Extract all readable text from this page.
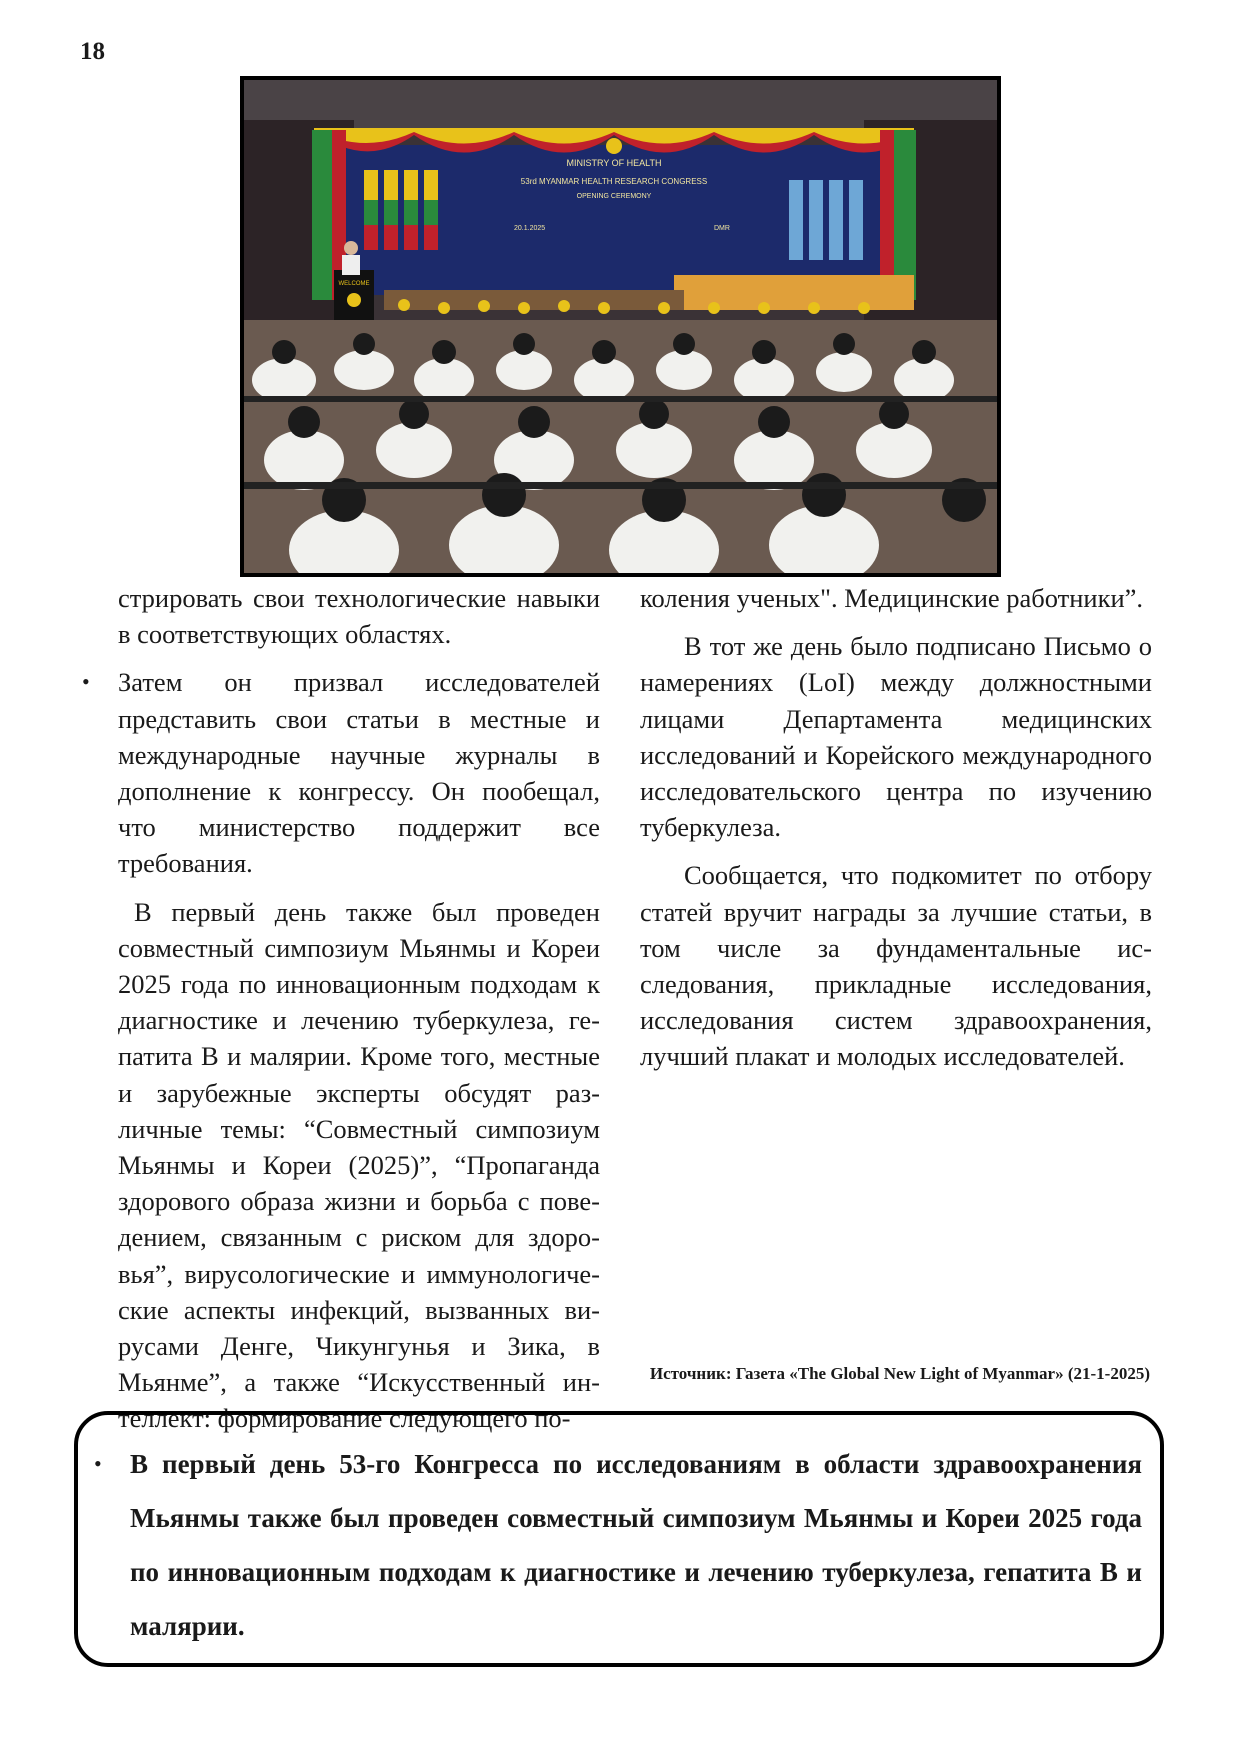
18
MINISTRY OF HEALTH
53rd MYANMAR HEALTH RESEARCH CONGRESS
OPENING CEREMONY
20.1.2025	DMR
WELCOME

стрировать свои технологические навыки в соответствующих областях.

• Затем он призвал исследователей представить свои статьи в местные и международные научные журналы в дополнение к конгрессу. Он пообещал, что министерство поддержит все требования.

В первый день также был проведен совместный симпозиум Мьянмы и Кореи 2025 года по инновационным подходам к диагностике и лечению туберкулеза, гепатита В и малярии. Кроме того, местные и зарубежные эксперты обсудят различные темы: “Совместный симпозиум Мьянмы и Кореи (2025)”, “Пропаганда здорового образа жизни и борьба с поведением, связанным с риском для здоровья”, вирусологические и иммунологические аспекты инфекций, вызванных вирусами Денге, Чикунгунья и Зика, в Мьянме”, а также “Искусственный интеллект: формирование следующего по-

коления ученых". Медицинские работники”.

В тот же день было подписано Письмо о намерениях (LoI) между должностными лицами Департамента медицинских исследований и Корейского международного исследовательского центра по изучению туберкулеза.

Сообщается, что подкомитет по отбору статей вручит награды за лучшие статьи, в том числе за фундаментальные исследования, прикладные исследования, исследования систем здравоохранения, лучший плакат и молодых исследователей.

Источник: Газета «The Global New Light of Myanmar» (21-1-2025)
• В первый день 53-го Конгресса по исследованиям в области здравоохранения Мьянмы также был проведен совместный симпозиум Мьянмы и Кореи 2025 года по инновационным подходам к диагностике и лечению туберкулеза, гепатита В и малярии.
